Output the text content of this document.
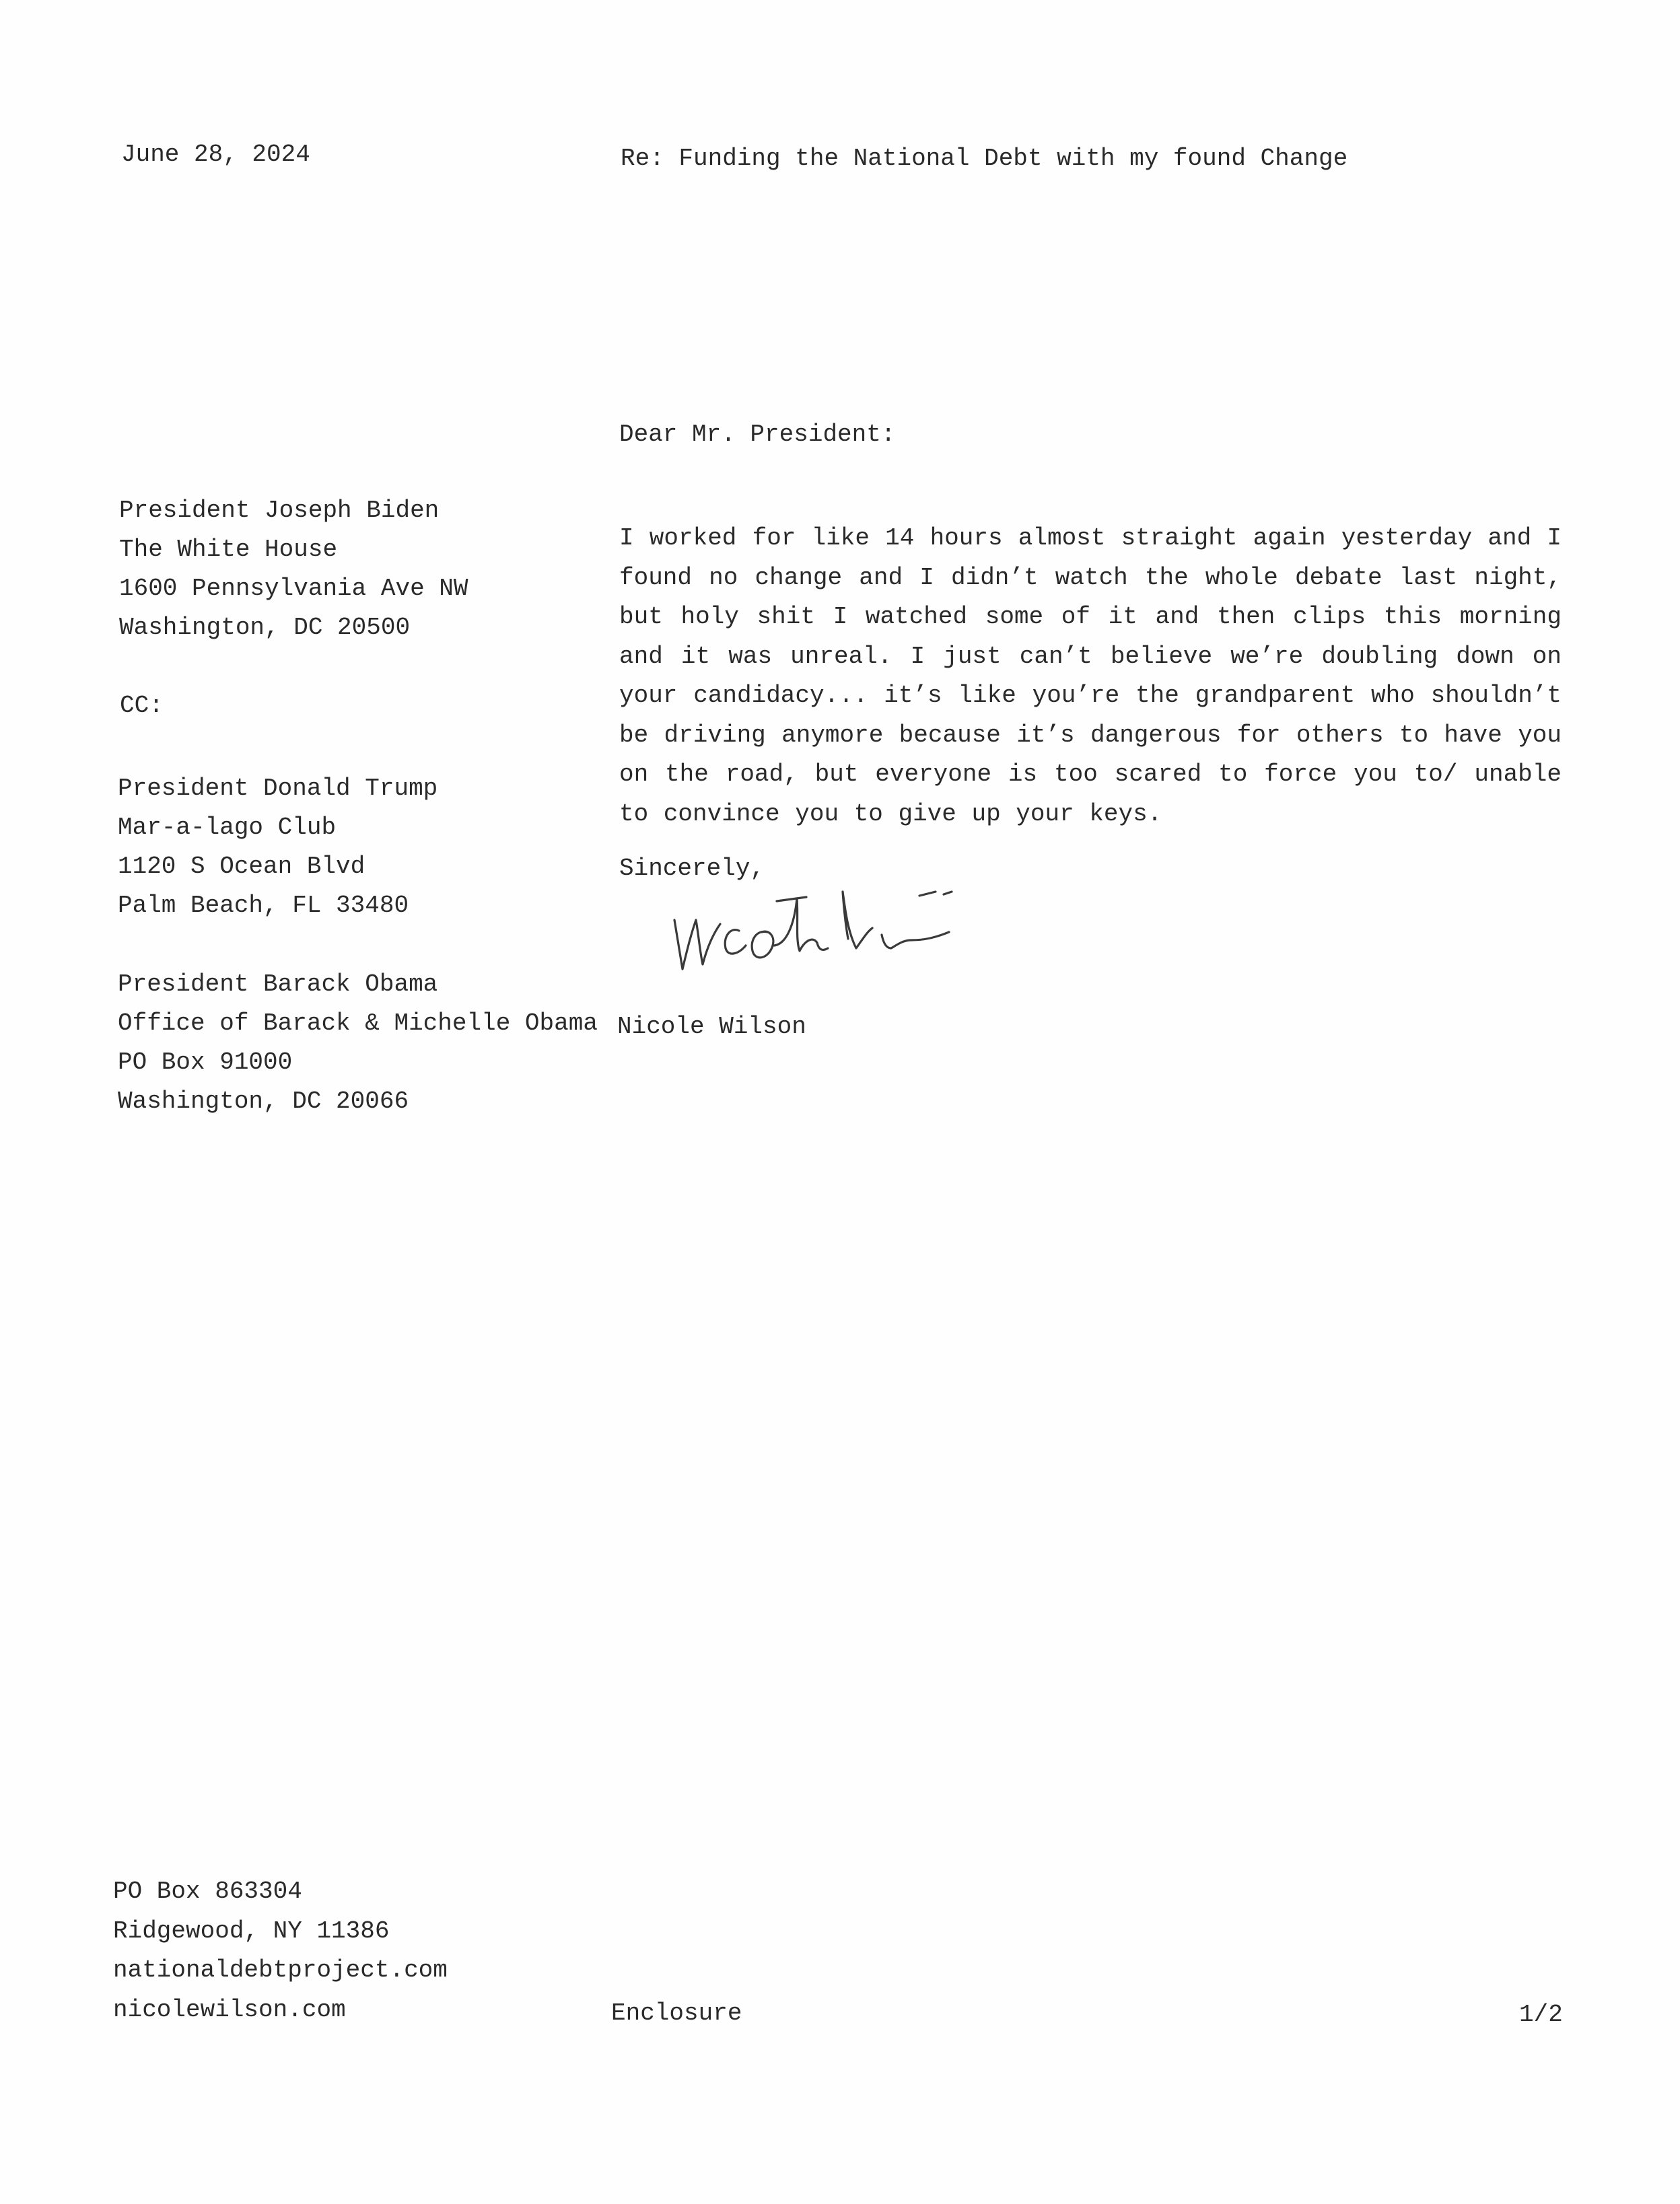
June 28, 2024	Re: Funding the National Debt with my found Change
Dear Mr. President:
President Joseph Biden
The White House
1600 Pennsylvania Ave NW
Washington, DC 20500
CC:
President Donald Trump
Mar-a-lago Club
1120 S Ocean Blvd
Palm Beach, FL 33480
President Barack Obama
Office of Barack & Michelle Obama
PO Box 91000
Washington, DC 20066

I worked for like 14 hours almost straight again yesterday and I found no change and I didn’t watch the whole debate last night, but holy shit I watched some of it and then clips this morning and it was unreal. I just can’t believe we’re doubling down on your candidacy... it’s like you’re the grandparent who shouldn’t be driving anymore because it’s dangerous for others to have you on the road, but everyone is too scared to force you to/ unable to convince you to give up your keys.

Sincerely,
Nicole Wilson
PO Box 863304
Ridgewood, NY 11386
nationaldebtproject.com
nicolewilson.com	Enclosure	1/2
